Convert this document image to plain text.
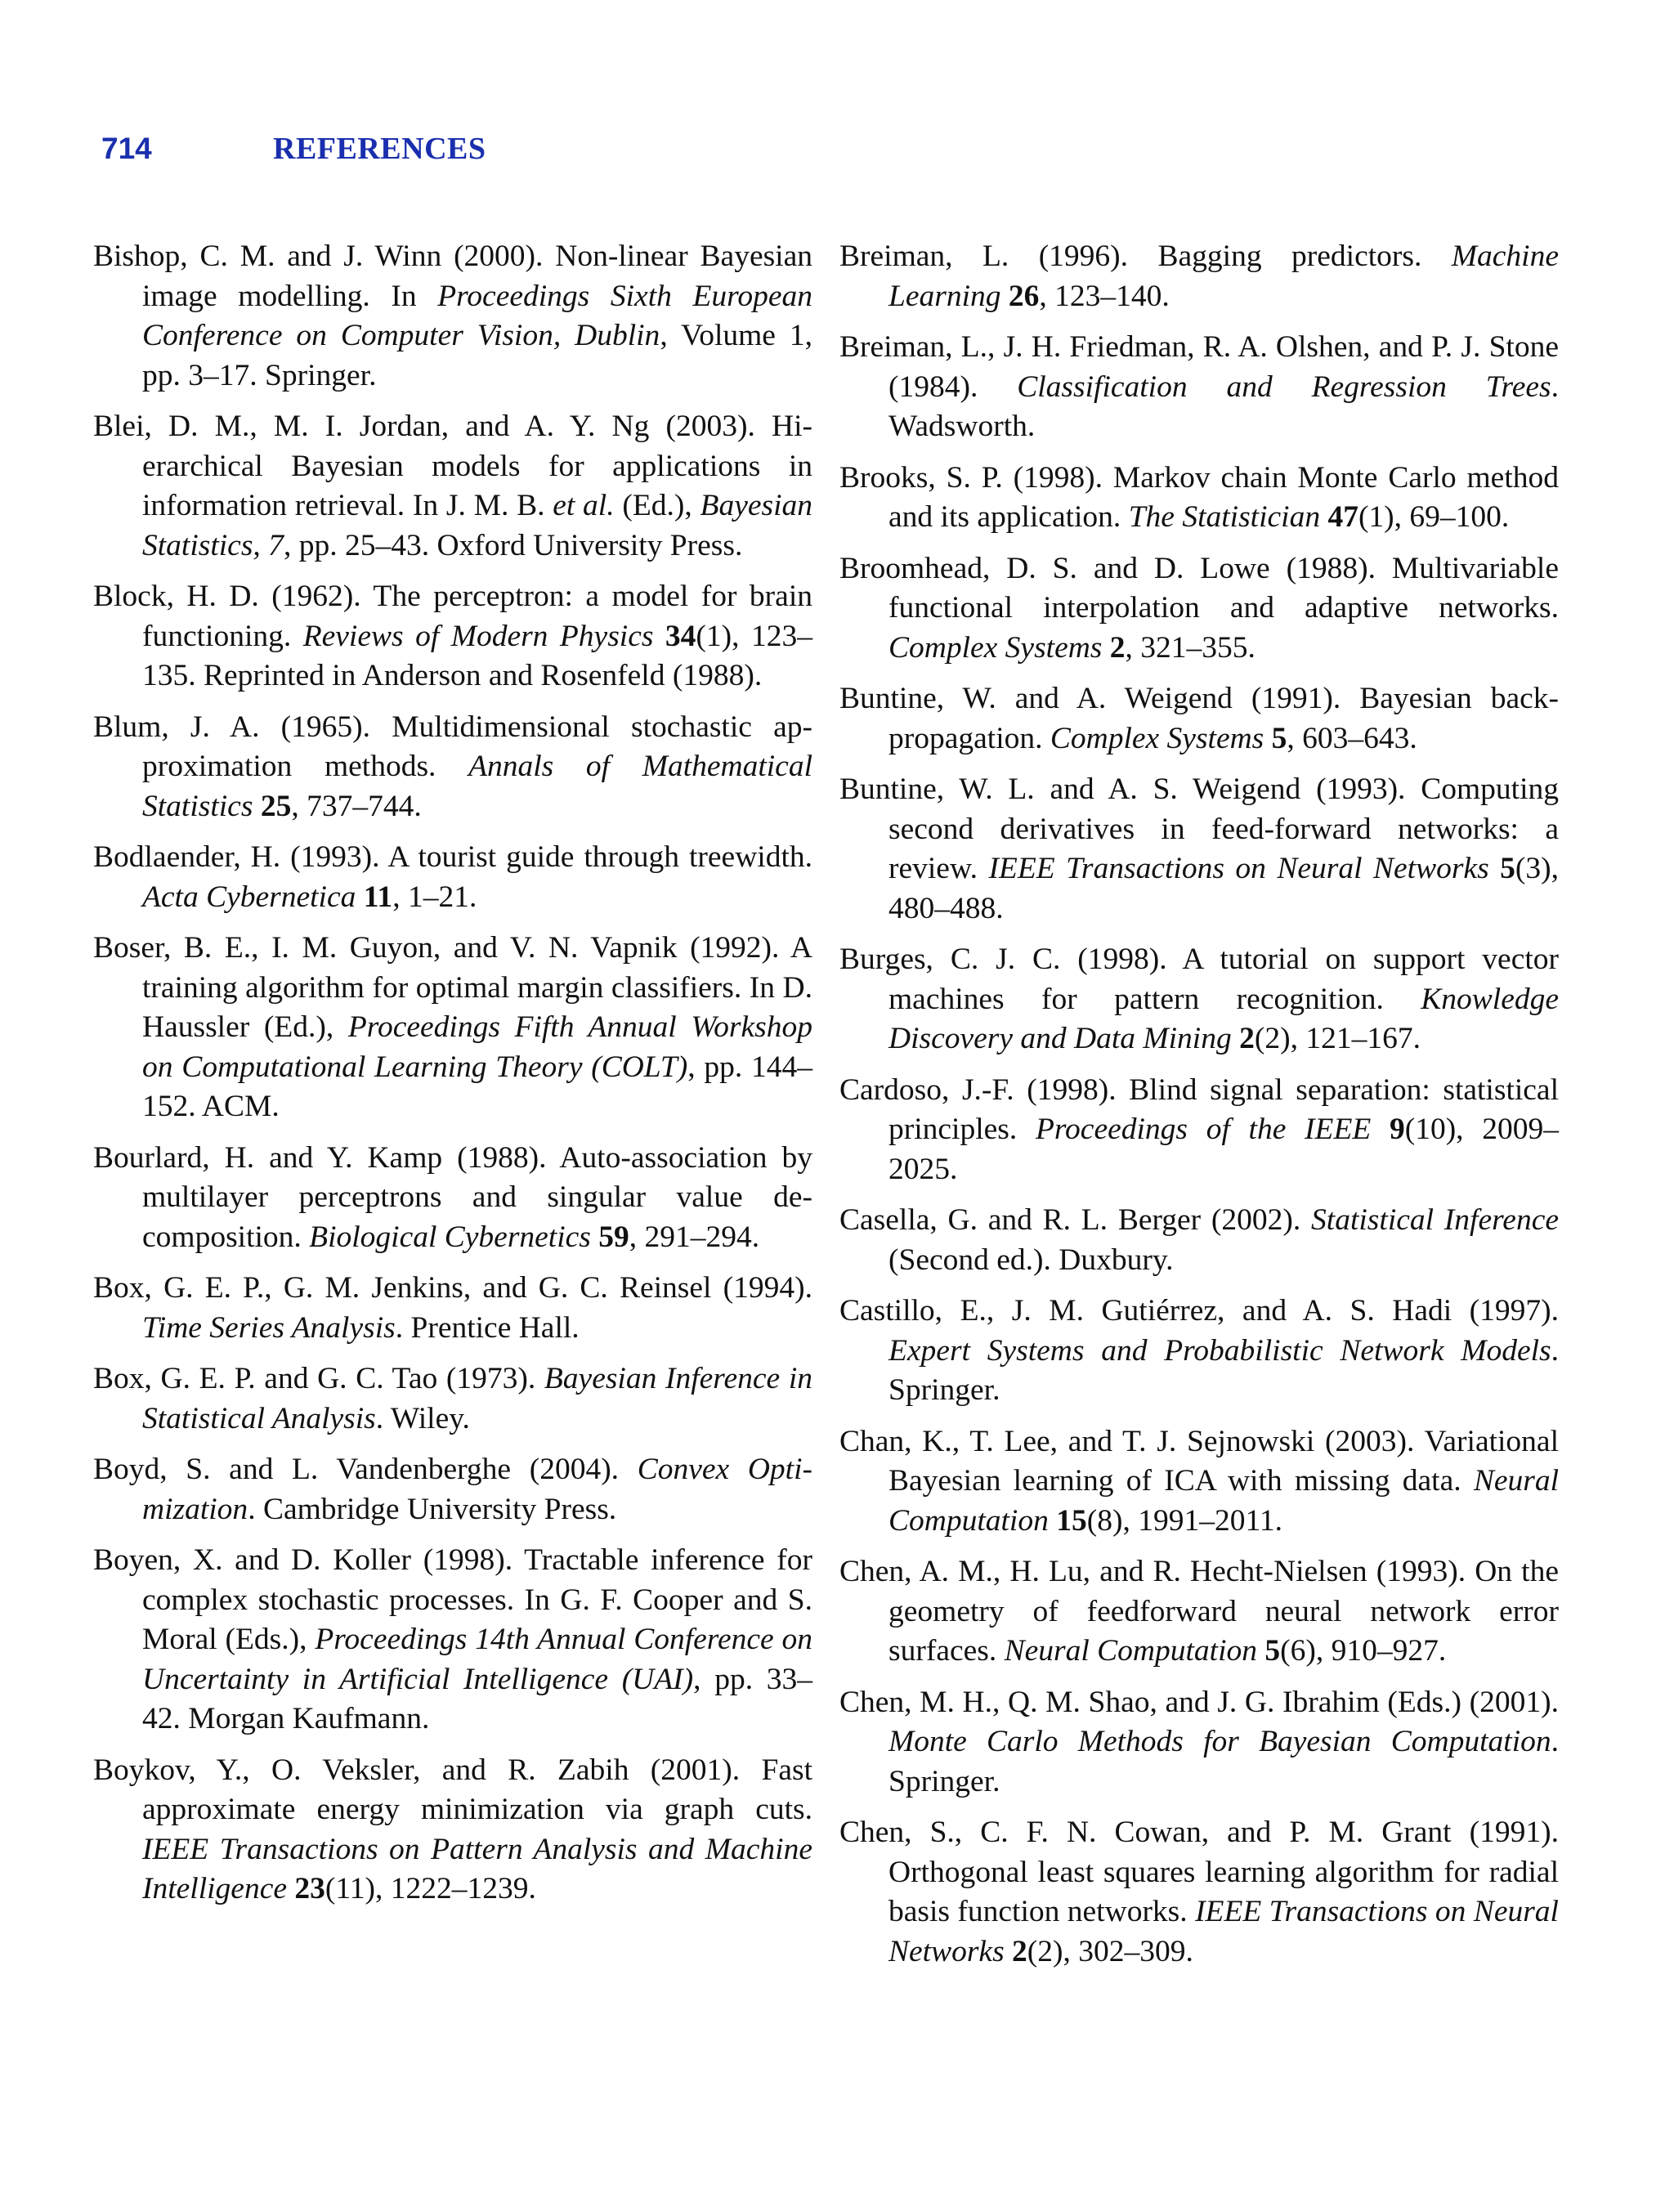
714	REFERENCES

Bishop, C. M. and J. Winn (2000). Non-linear Bayesian image modelling. In Proceedings Sixth European Conference on Computer Vision, Dublin, Volume 1, pp. 3–17. Springer.

Blei, D. M., M. I. Jordan, and A. Y. Ng (2003). Hierarchical Bayesian models for applications in information retrieval. In J. M. B. et al. (Ed.), Bayesian Statistics, 7, pp. 25–43. Oxford University Press.

Block, H. D. (1962). The perceptron: a model for brain functioning. Reviews of Modern Physics 34(1), 123–135. Reprinted in Anderson and Rosenfeld (1988).

Blum, J. A. (1965). Multidimensional stochastic approximation methods. Annals of Mathematical Statistics 25, 737–744.

Bodlaender, H. (1993). A tourist guide through treewidth. Acta Cybernetica 11, 1–21.

Boser, B. E., I. M. Guyon, and V. N. Vapnik (1992). A training algorithm for optimal margin classifiers. In D. Haussler (Ed.), Proceedings Fifth Annual Workshop on Computational Learning Theory (COLT), pp. 144–152. ACM.

Bourlard, H. and Y. Kamp (1988). Auto-association by multilayer perceptrons and singular value decomposition. Biological Cybernetics 59, 291–294.

Box, G. E. P., G. M. Jenkins, and G. C. Reinsel (1994). Time Series Analysis. Prentice Hall.

Box, G. E. P. and G. C. Tao (1973). Bayesian Inference in Statistical Analysis. Wiley.

Boyd, S. and L. Vandenberghe (2004). Convex Optimization. Cambridge University Press.

Boyen, X. and D. Koller (1998). Tractable inference for complex stochastic processes. In G. F. Cooper and S. Moral (Eds.), Proceedings 14th Annual Conference on Uncertainty in Artificial Intelligence (UAI), pp. 33–42. Morgan Kaufmann.

Boykov, Y., O. Veksler, and R. Zabih (2001). Fast approximate energy minimization via graph cuts. IEEE Transactions on Pattern Analysis and Machine Intelligence 23(11), 1222–1239.

Breiman, L. (1996). Bagging predictors. Machine Learning 26, 123–140.

Breiman, L., J. H. Friedman, R. A. Olshen, and P. J. Stone (1984). Classification and Regression Trees. Wadsworth.

Brooks, S. P. (1998). Markov chain Monte Carlo method and its application. The Statistician 47(1), 69–100.

Broomhead, D. S. and D. Lowe (1988). Multivariable functional interpolation and adaptive networks. Complex Systems 2, 321–355.

Buntine, W. and A. Weigend (1991). Bayesian backpropagation. Complex Systems 5, 603–643.

Buntine, W. L. and A. S. Weigend (1993). Computing second derivatives in feed-forward networks: a review. IEEE Transactions on Neural Networks 5(3), 480–488.

Burges, C. J. C. (1998). A tutorial on support vector machines for pattern recognition. Knowledge Discovery and Data Mining 2(2), 121–167.

Cardoso, J.-F. (1998). Blind signal separation: statistical principles. Proceedings of the IEEE 9(10), 2009–2025.

Casella, G. and R. L. Berger (2002). Statistical Inference (Second ed.). Duxbury.

Castillo, E., J. M. Gutiérrez, and A. S. Hadi (1997). Expert Systems and Probabilistic Network Models. Springer.

Chan, K., T. Lee, and T. J. Sejnowski (2003). Variational Bayesian learning of ICA with missing data. Neural Computation 15(8), 1991–2011.

Chen, A. M., H. Lu, and R. Hecht-Nielsen (1993). On the geometry of feedforward neural network error surfaces. Neural Computation 5(6), 910–927.

Chen, M. H., Q. M. Shao, and J. G. Ibrahim (Eds.) (2001). Monte Carlo Methods for Bayesian Computation. Springer.

Chen, S., C. F. N. Cowan, and P. M. Grant (1991). Orthogonal least squares learning algorithm for radial basis function networks. IEEE Transactions on Neural Networks 2(2), 302–309.
